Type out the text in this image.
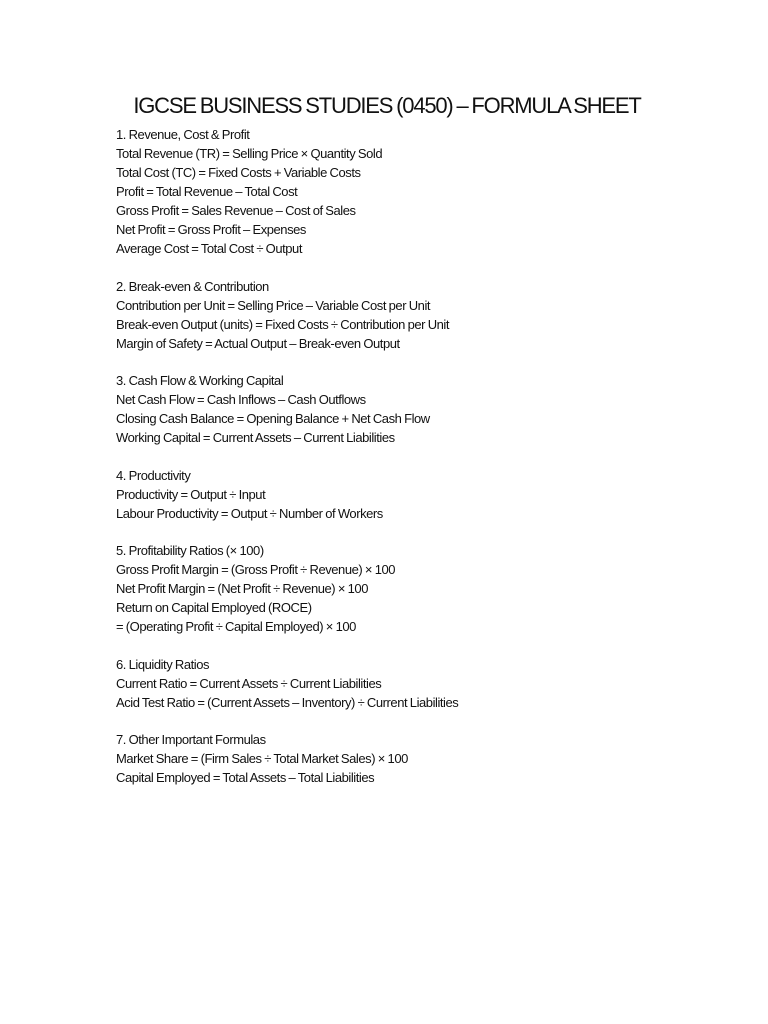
IGCSE BUSINESS STUDIES (0450) – FORMULA SHEET
1. Revenue, Cost & Profit
Total Revenue (TR) = Selling Price × Quantity Sold
Total Cost (TC) = Fixed Costs + Variable Costs
Profit = Total Revenue – Total Cost
Gross Profit = Sales Revenue – Cost of Sales
Net Profit = Gross Profit – Expenses
Average Cost = Total Cost ÷ Output
2. Break-even & Contribution
Contribution per Unit = Selling Price – Variable Cost per Unit
Break-even Output (units) = Fixed Costs ÷ Contribution per Unit
Margin of Safety = Actual Output – Break-even Output
3. Cash Flow & Working Capital
Net Cash Flow = Cash Inflows – Cash Outflows
Closing Cash Balance = Opening Balance + Net Cash Flow
Working Capital = Current Assets – Current Liabilities
4. Productivity
Productivity = Output ÷ Input
Labour Productivity = Output ÷ Number of Workers
5. Profitability Ratios (× 100)
Gross Profit Margin = (Gross Profit ÷ Revenue) × 100
Net Profit Margin = (Net Profit ÷ Revenue) × 100
Return on Capital Employed (ROCE)
= (Operating Profit ÷ Capital Employed) × 100
6. Liquidity Ratios
Current Ratio = Current Assets ÷ Current Liabilities
Acid Test Ratio = (Current Assets – Inventory) ÷ Current Liabilities
7. Other Important Formulas
Market Share = (Firm Sales ÷ Total Market Sales) × 100
Capital Employed = Total Assets – Total Liabilities
